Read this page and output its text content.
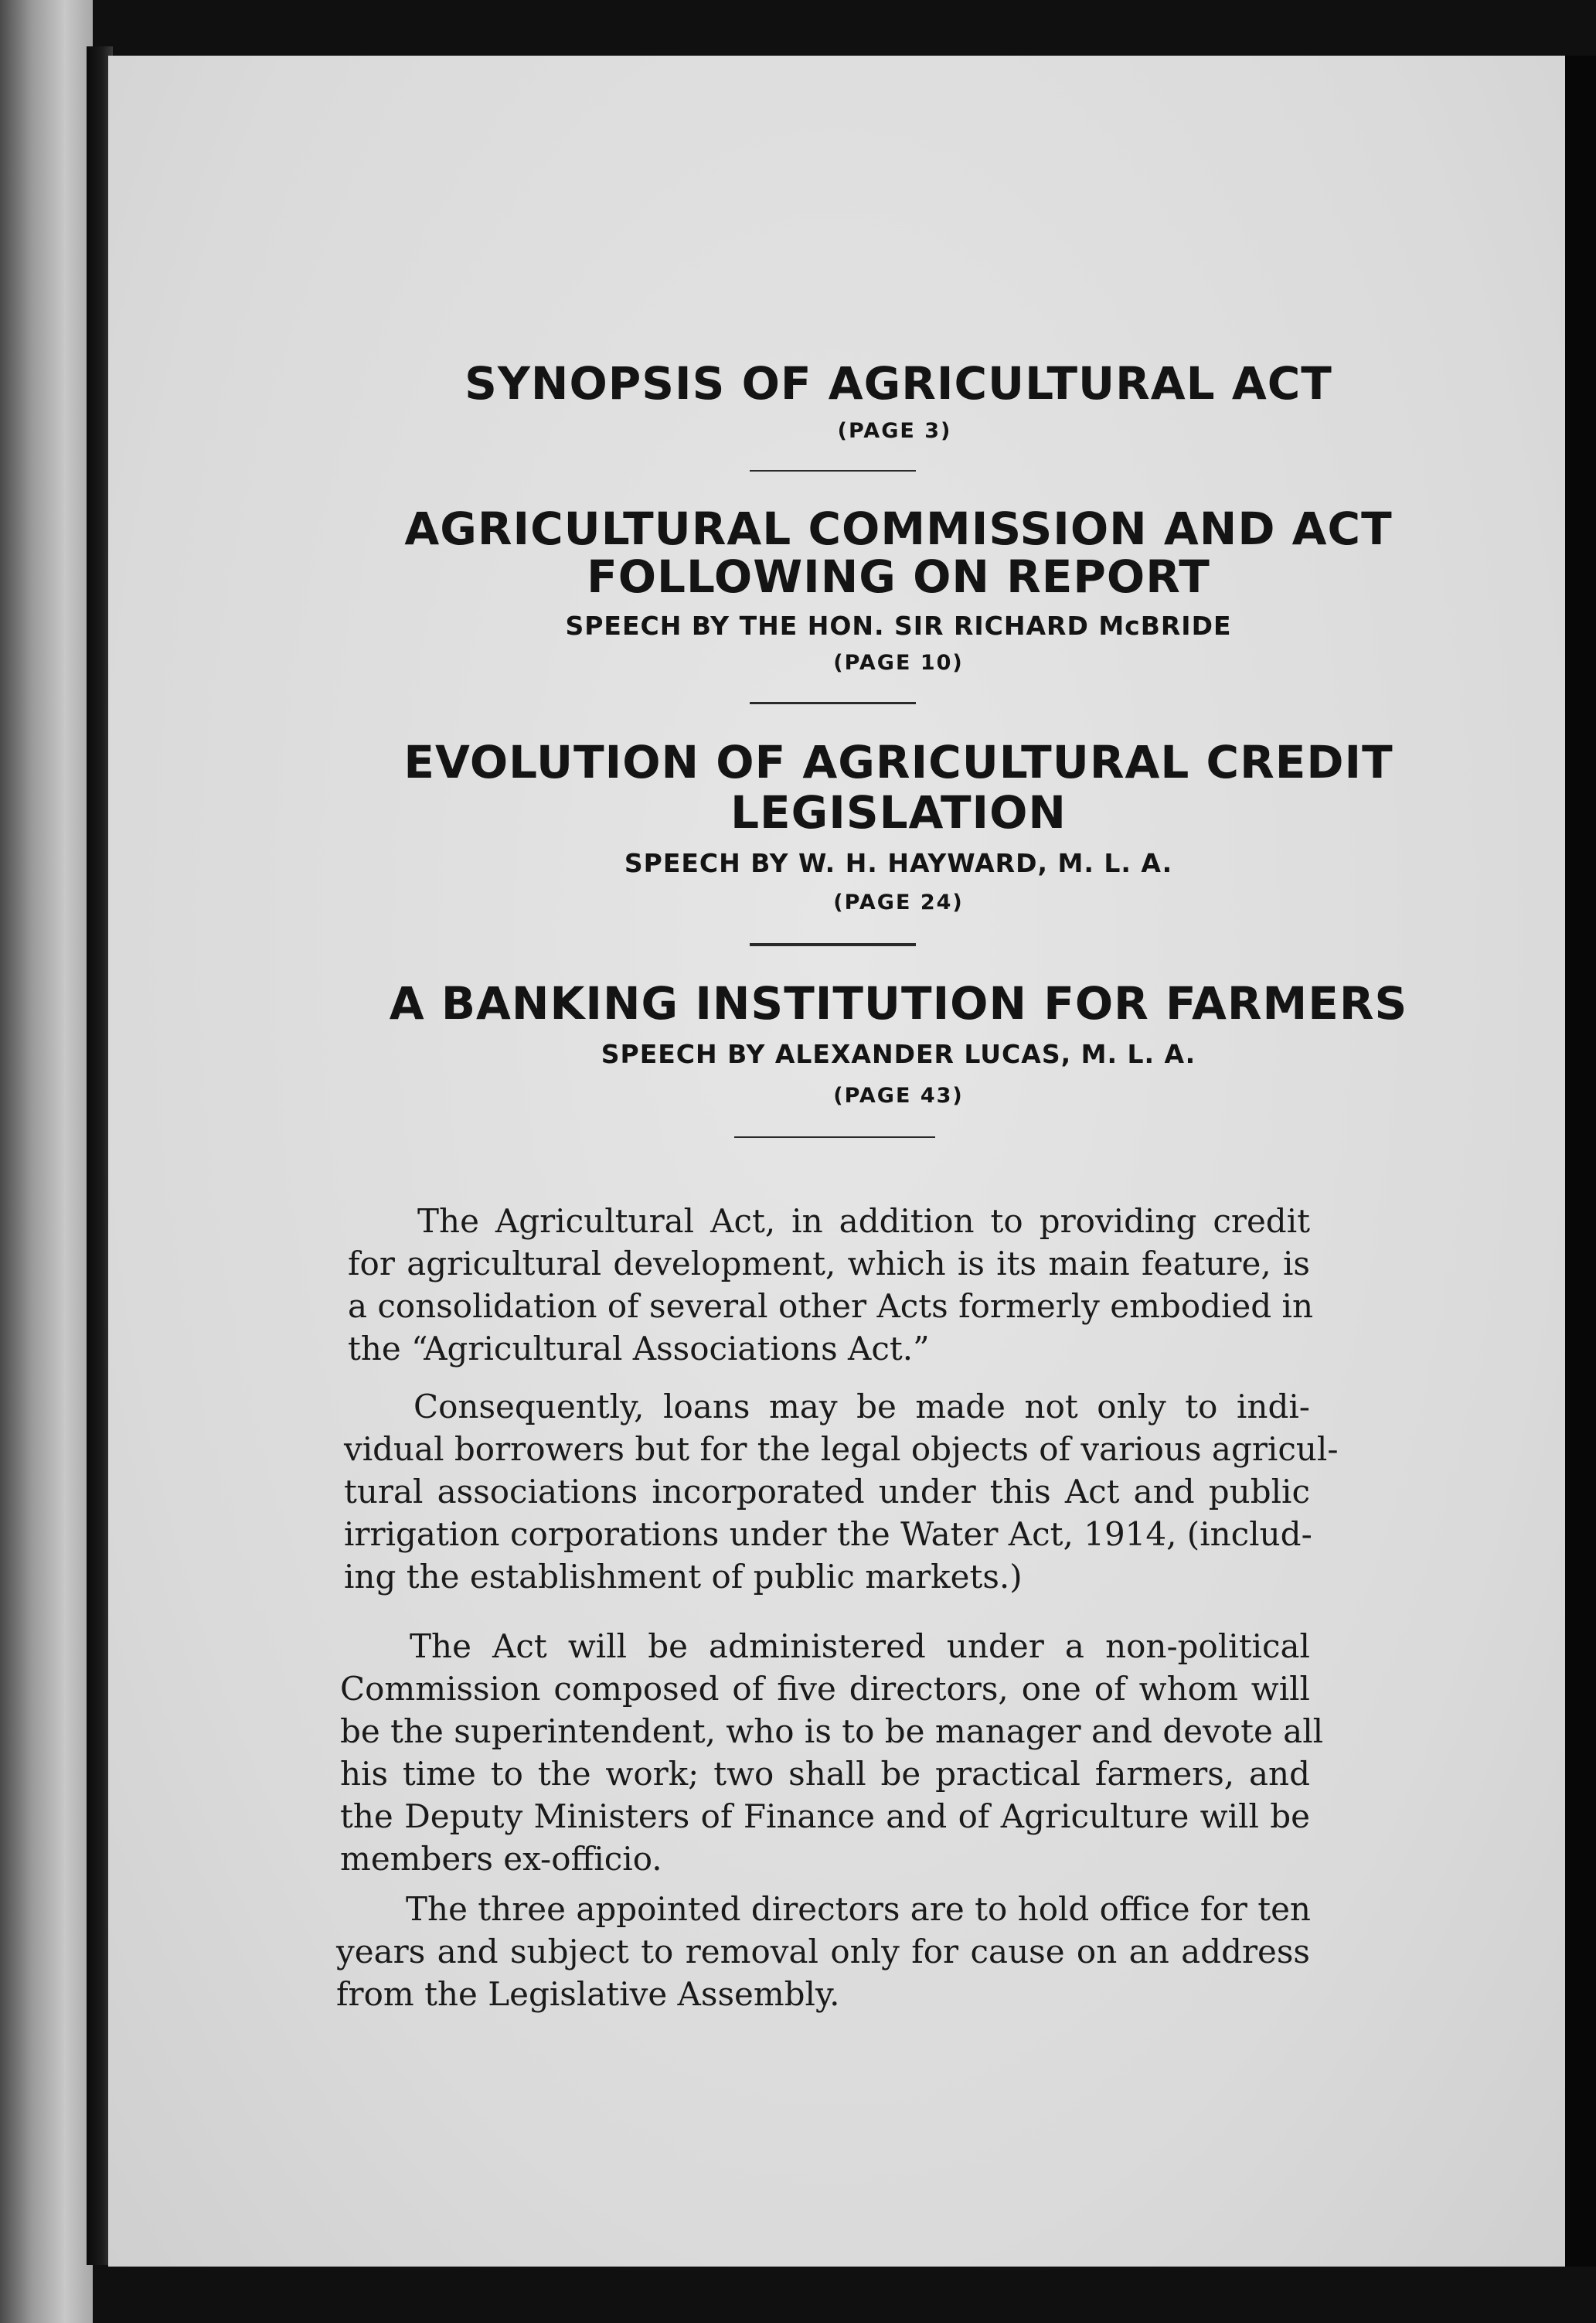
SYNOPSIS OF AGRICULTURAL ACT
(PAGE 3)
AGRICULTURAL COMMISSION AND ACT
FOLLOWING ON REPORT
SPEECH BY THE HON. SIR RICHARD McBRIDE
(PAGE 10)
EVOLUTION OF AGRICULTURAL CREDIT
LEGISLATION
SPEECH BY W. H. HAYWARD, M. L. A.
(PAGE 24)
A BANKING INSTITUTION FOR FARMERS
SPEECH BY ALEXANDER LUCAS, M. L. A.
(PAGE 43)
The Agricultural Act, in addition to providing credit
for agricultural development, which is its main feature, is
a consolidation of several other Acts formerly embodied in
the “Agricultural Associations Act.”
Consequently, loans may be made not only to indi-
vidual borrowers but for the legal objects of various agricul-
tural associations incorporated under this Act and public
irrigation corporations under the Water Act, 1914, (includ-
ing the establishment of public markets.)
The Act will be administered under a non-political
Commission composed of five directors, one of whom will
be the superintendent, who is to be manager and devote all
his time to the work; two shall be practical farmers, and
the Deputy Ministers of Finance and of Agriculture will be
members ex-officio.
The three appointed directors are to hold office for ten
years and subject to removal only for cause on an address
from the Legislative Assembly.
